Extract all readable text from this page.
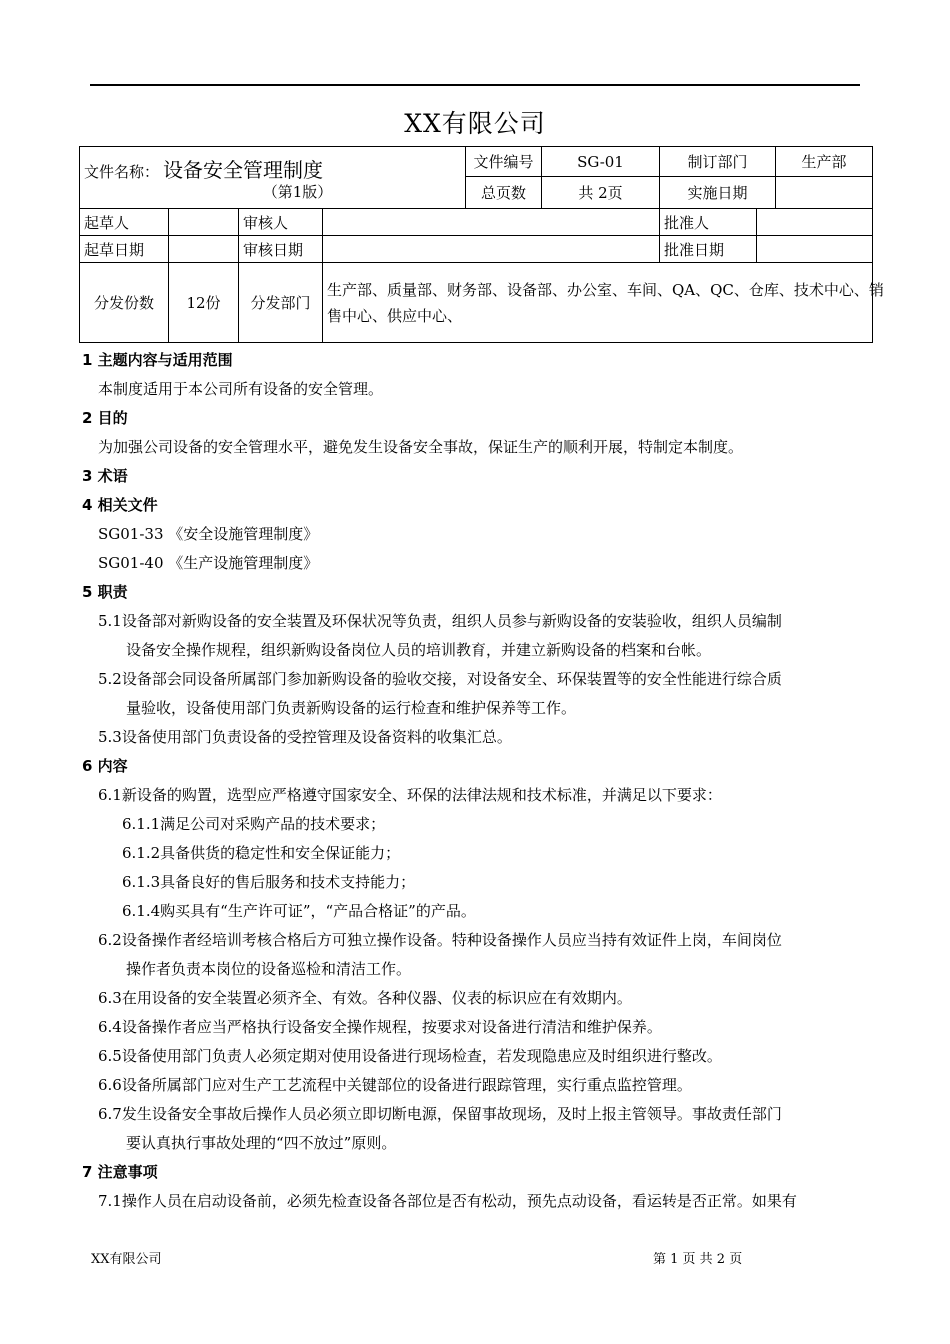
XX有限公司
文件名称： 设备安全管理制度
（第1版）				文件编号	SG-01	制订部门		生产部
				总页数	共 2页	实施日期		
起草人		审核人				批准人		
起草日期		审核日期				批准日期		
分发份数	12份	分发部门	生产部、质量部、财务部、设备部、办公室、车间、QA、QC、仓库、技术中心、销
售中心、供应中心、					
1 主题内容与适用范围
本制度适用于本公司所有设备的安全管理。
2 目的
为加强公司设备的安全管理水平，避免发生设备安全事故，保证生产的顺利开展，特制定本制度。
3 术语
4 相关文件
SG01-33 《安全设施管理制度》
SG01-40 《生产设施管理制度》
5 职责
5.1设备部对新购设备的安全装置及环保状况等负责，组织人员参与新购设备的安装验收，组织人员编制
设备安全操作规程，组织新购设备岗位人员的培训教育，并建立新购设备的档案和台帐。
5.2设备部会同设备所属部门参加新购设备的验收交接，对设备安全、环保装置等的安全性能进行综合质
量验收，设备使用部门负责新购设备的运行检查和维护保养等工作。
5.3设备使用部门负责设备的受控管理及设备资料的收集汇总。
6 内容
6.1新设备的购置，选型应严格遵守国家安全、环保的法律法规和技术标准，并满足以下要求：
6.1.1满足公司对采购产品的技术要求；
6.1.2具备供货的稳定性和安全保证能力；
6.1.3具备良好的售后服务和技术支持能力；
6.1.4购买具有“生产许可证”，“产品合格证”的产品。
6.2设备操作者经培训考核合格后方可独立操作设备。特种设备操作人员应当持有效证件上岗，车间岗位
操作者负责本岗位的设备巡检和清洁工作。
6.3在用设备的安全装置必须齐全、有效。各种仪器、仪表的标识应在有效期内。
6.4设备操作者应当严格执行设备安全操作规程，按要求对设备进行清洁和维护保养。
6.5设备使用部门负责人必须定期对使用设备进行现场检查，若发现隐患应及时组织进行整改。
6.6设备所属部门应对生产工艺流程中关键部位的设备进行跟踪管理，实行重点监控管理。
6.7发生设备安全事故后操作人员必须立即切断电源，保留事故现场，及时上报主管领导。事故责任部门
要认真执行事故处理的“四不放过”原则。
7 注意事项
7.1操作人员在启动设备前，必须先检查设备各部位是否有松动，预先点动设备，看运转是否正常。如果有
XX有限公司	第 1 页 共 2 页
